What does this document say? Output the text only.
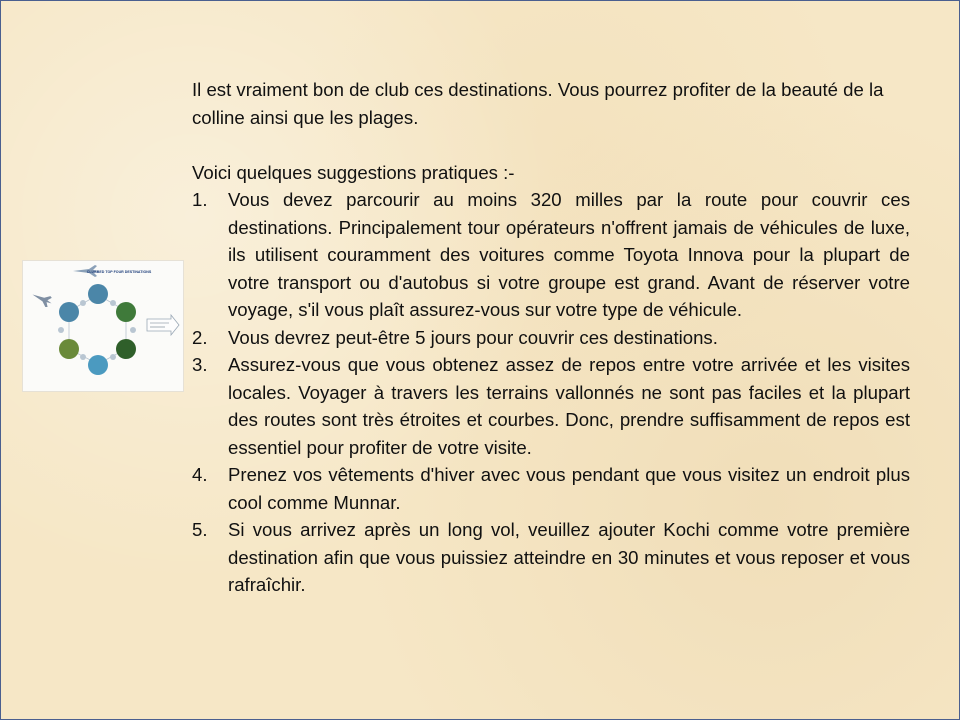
CLUBBED TOP FOUR DESTINATIONS

Il est vraiment bon de club ces destinations. Vous pourrez profiter de la beauté de la colline ainsi que les plages.

Voici quelques suggestions pratiques :-

1. Vous devez parcourir au moins 320 milles par la route pour couvrir ces destinations. Principalement tour opérateurs n'offrent jamais de véhicules de luxe, ils utilisent couramment des voitures comme Toyota Innova pour la plupart de votre transport ou d'autobus si votre groupe est grand. Avant de réserver votre voyage, s'il vous plaît assurez-vous sur votre type de véhicule.
2. Vous devrez peut-être 5 jours pour couvrir ces destinations.
3. Assurez-vous que vous obtenez assez de repos entre votre arrivée et les visites locales. Voyager à travers les terrains vallonnés ne sont pas faciles et la plupart des routes sont très étroites et courbes. Donc, prendre suffisamment de repos est essentiel pour profiter de votre visite.
4. Prenez vos vêtements d'hiver avec vous pendant que vous visitez un endroit plus cool comme Munnar.
5. Si vous arrivez après un long vol, veuillez ajouter Kochi comme votre première destination afin que vous puissiez atteindre en 30 minutes et vous reposer et vous rafraîchir.
